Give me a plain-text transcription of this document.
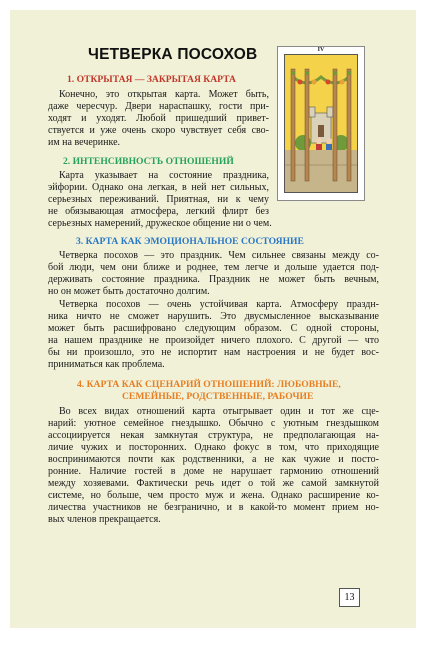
ЧЕТВЕРКА ПОСОХОВ	IV
1. ОТКРЫТАЯ — ЗАКРЫТАЯ КАРТА
Конечно, это открытая карта. Может быть,
даже чересчур. Двери нараспашку, гости при-
ходят и уходят. Любой пришедший привет-
ствуется и уже очень скоро чувствует себя сво-
им на вечеринке.
2. ИНТЕНСИВНОСТЬ ОТНОШЕНИЙ
Карта указывает на состояние праздника,
эйфории. Однако она легкая, в ней нет сильных,
серьезных переживаний. Приятная, ни к чему
не обязывающая атмосфера, легкий флирт без
серьезных намерений, дружеское общение ни о чем.
3. КАРТА КАК ЭМОЦИОНАЛЬНОЕ СОСТОЯНИЕ
Четверка посохов — это праздник. Чем сильнее связаны между со-
бой люди, чем они ближе и роднее, тем легче и дольше удается под-
держивать состояние праздника. Праздник не может быть вечным,
но он может быть достаточно долгим.
Четверка посохов — очень устойчивая карта. Атмосферу праздн-
ника ничто не сможет нарушить. Это двусмысленное высказывание
может быть расшифровано следующим образом. С одной стороны,
на нашем празднике не произойдет ничего плохого. С другой — что
бы ни произошло, это не испортит нам настроения и не будет вос-
приниматься как проблема.
4. КАРТА КАК СЦЕНАРИЙ ОТНОШЕНИЙ: ЛЮБОВНЫЕ,
СЕМЕЙНЫЕ, РОДСТВЕННЫЕ, РАБОЧИЕ
Во всех видах отношений карта отыгрывает один и тот же сце-
нарий: уютное семейное гнездышко. Обычно с уютным гнездышком
ассоциируется некая замкнутая структура, не предполагающая на-
личие чужих и посторонних. Однако фокус в том, что приходящие
воспринимаются почти как родственники, а не как чужие и посто-
ронние. Наличие гостей в доме не нарушает гармонию отношений
между хозяевами. Фактически речь идет о той же самой замкнутой
системе, но больше, чем просто муж и жена. Однако расширение ко-
личества участников не безгранично, и в какой-то момент прием но-
вых членов прекращается.
13
